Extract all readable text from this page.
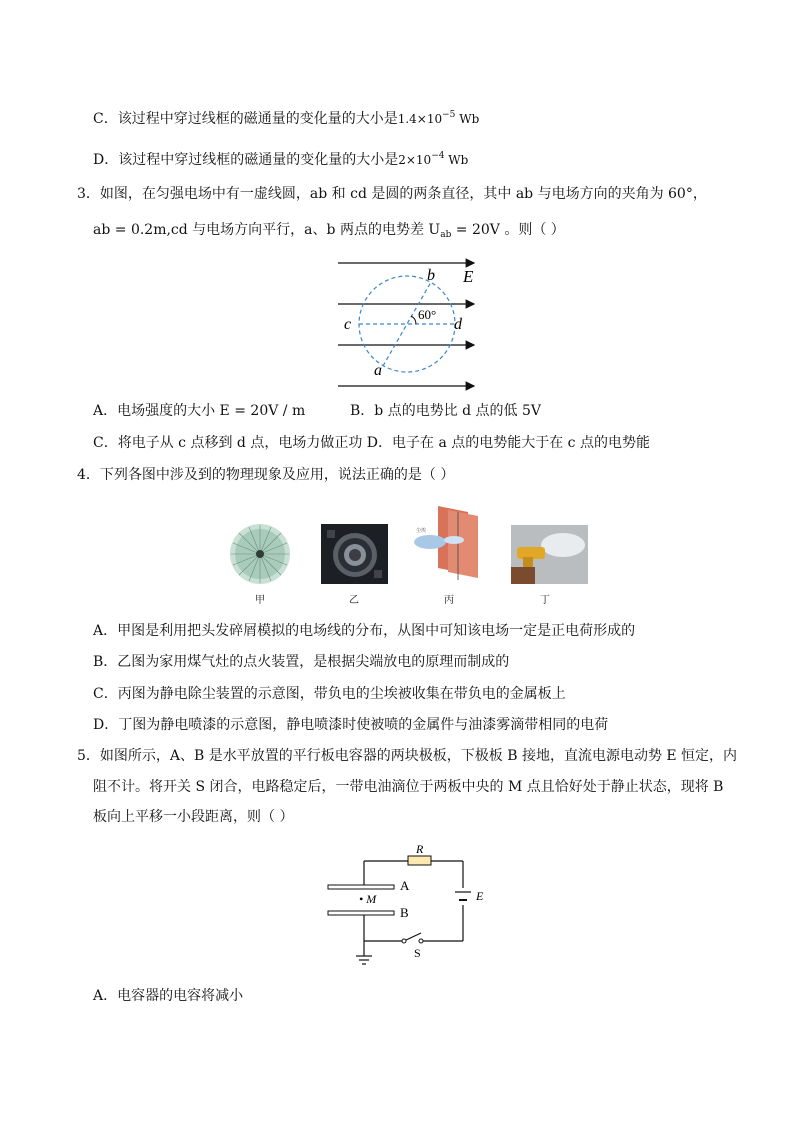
C．该过程中穿过线框的磁通量的变化量的大小是$1.4\times 10^{-5}$ Wb
D．该过程中穿过线框的磁通量的变化量的大小是$2\times 10^{-4}$ Wb
3．如图，在匀强电场中有一虚线圆，ab 和 cd 是圆的两条直径，其中 ab 与电场方向的夹角为 60°，
ab = 0.2m,cd 与电场方向平行，a、b 两点的电势差 $U_{ab} = 20V$ 。则（ ）
b E
c	d
60°
a
A．电场强度的大小 E = 20V / m	B．b 点的电势比 d 点的低 5V
C．将电子从 c 点移到 d 点，电场力做正功 D．电子在 a 点的电势能大于在 c 点的电势能
4．下列各图中涉及到的物理现象及应用，说法正确的是（ ）
尘埃
甲	乙	丙	丁
A．甲图是利用把头发碎屑模拟的电场线的分布，从图中可知该电场一定是正电荷形成的
B．乙图为家用煤气灶的点火装置，是根据尖端放电的原理而制成的
C．丙图为静电除尘装置的示意图，带负电的尘埃被收集在带负电的金属板上
D．丁图为静电喷漆的示意图，静电喷漆时使被喷的金属件与油漆雾滴带相同的电荷
5．如图所示，A、B 是水平放置的平行板电容器的两块极板，下极板 B 接地，直流电源电动势 E 恒定，内
阻不计。将开关 S 闭合，电路稳定后，一带电油滴位于两板中央的 M 点且恰好处于静止状态，现将 B
板向上平移一小段距离，则（ ）
R
A
• M
B
E
S
A．电容器的电容将减小
